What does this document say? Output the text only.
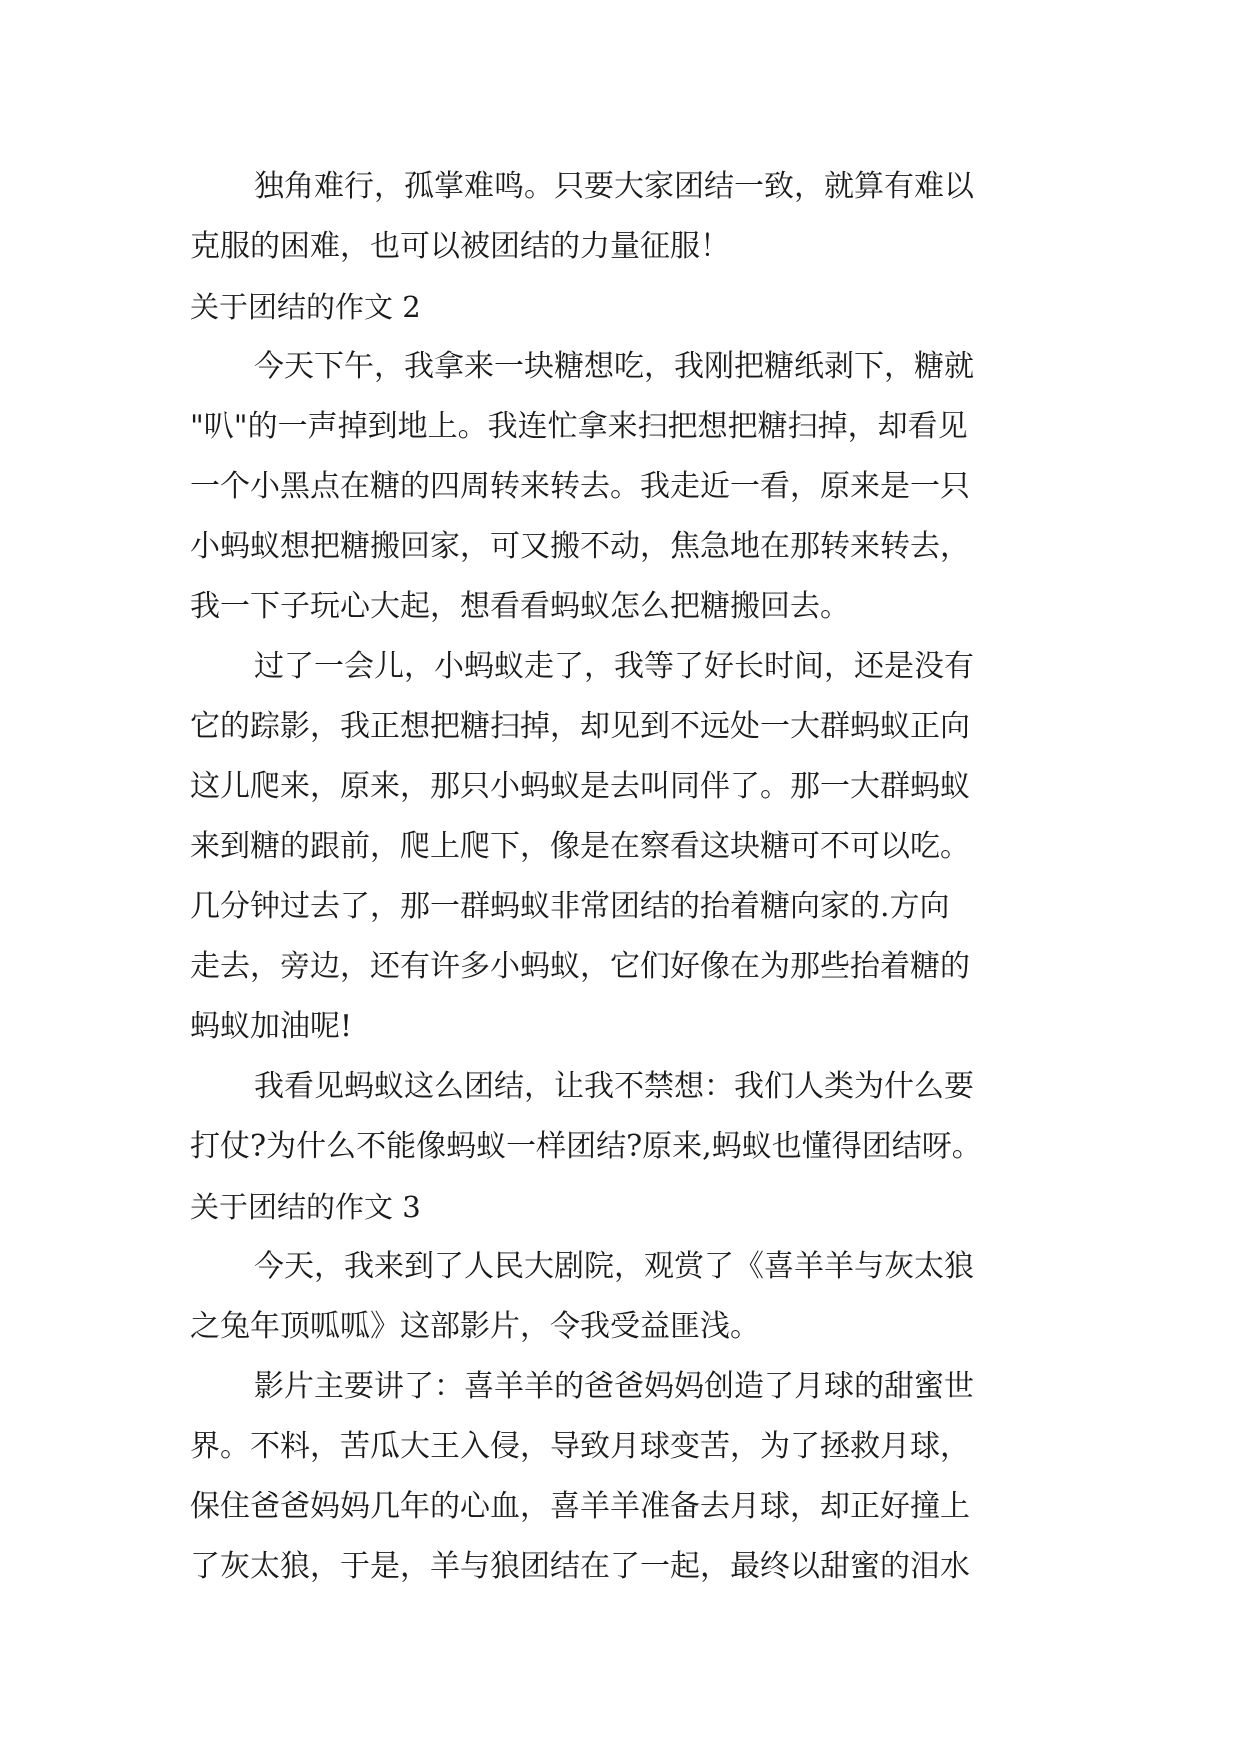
独角难行，孤掌难鸣。只要大家团结一致，就算有难以
克服的困难，也可以被团结的力量征服！
关于团结的作文 2
今天下午，我拿来一块糖想吃，我刚把糖纸剥下，糖就
"叭"的一声掉到地上。我连忙拿来扫把想把糖扫掉，却看见
一个小黑点在糖的四周转来转去。我走近一看，原来是一只
小蚂蚁想把糖搬回家，可又搬不动，焦急地在那转来转去，
我一下子玩心大起，想看看蚂蚁怎么把糖搬回去。
过了一会儿，小蚂蚁走了，我等了好长时间，还是没有
它的踪影，我正想把糖扫掉，却见到不远处一大群蚂蚁正向
这儿爬来，原来，那只小蚂蚁是去叫同伴了。那一大群蚂蚁
来到糖的跟前，爬上爬下，像是在察看这块糖可不可以吃。
几分钟过去了，那一群蚂蚁非常团结的抬着糖向家的.方向
走去，旁边，还有许多小蚂蚁，它们好像在为那些抬着糖的
蚂蚁加油呢!
我看见蚂蚁这么团结，让我不禁想：我们人类为什么要
打仗?为什么不能像蚂蚁一样团结?原来,蚂蚁也懂得团结呀。
关于团结的作文 3
今天，我来到了人民大剧院，观赏了《喜羊羊与灰太狼
之兔年顶呱呱》这部影片，令我受益匪浅。
影片主要讲了：喜羊羊的爸爸妈妈创造了月球的甜蜜世
界。不料，苦瓜大王入侵，导致月球变苦，为了拯救月球，
保住爸爸妈妈几年的心血，喜羊羊准备去月球，却正好撞上
了灰太狼，于是，羊与狼团结在了一起，最终以甜蜜的泪水
